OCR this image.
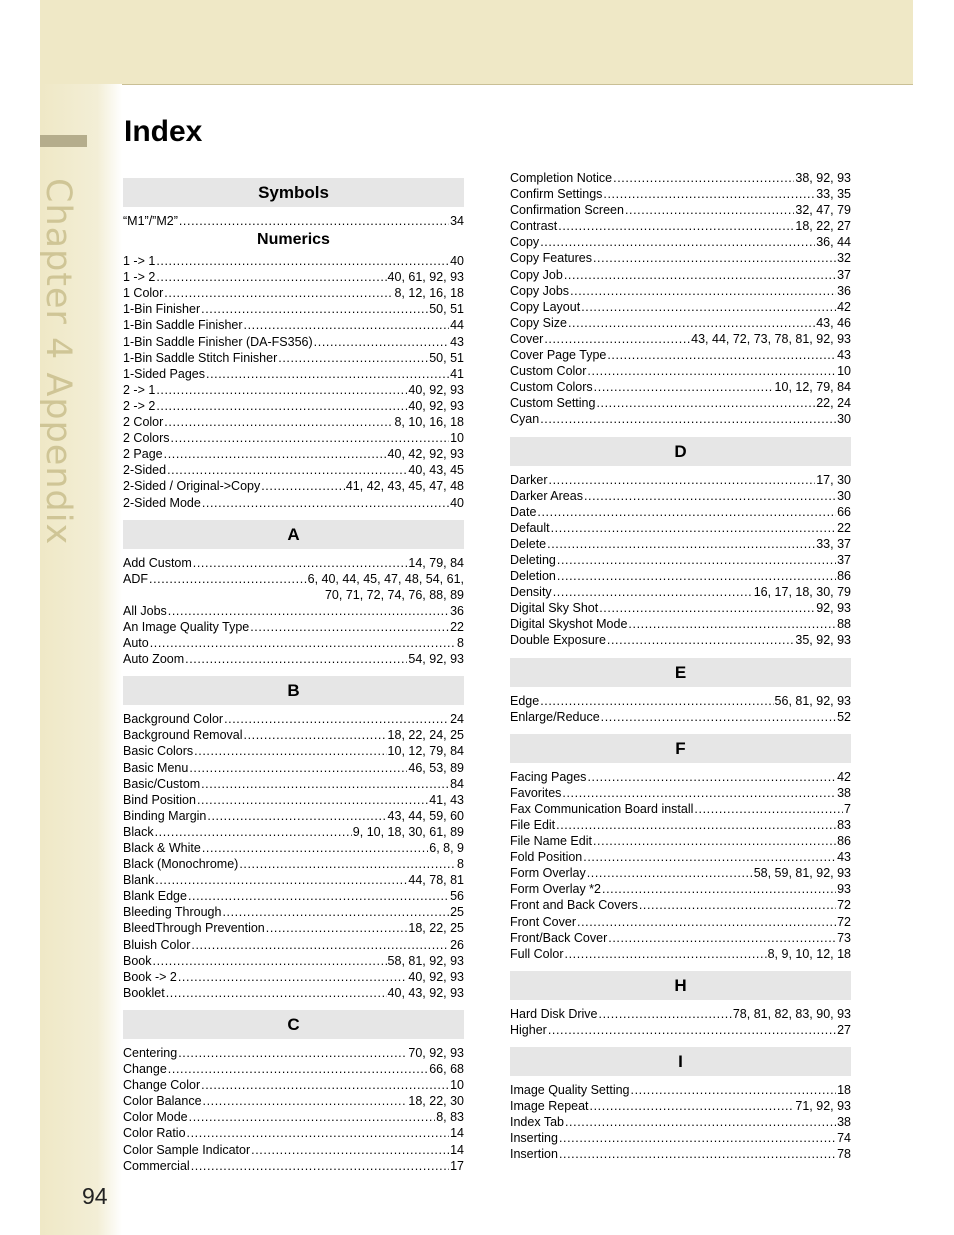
Chapter 4 Appendix
94
Index
Symbols
“M1”/”M2” .....	34
Numerics
1 -> 1 .....	40
1 -> 2 .....	40, 61, 92, 93
1 Color .....	8, 12, 16, 18
1-Bin Finisher .....	50, 51
1-Bin Saddle Finisher .....	44
1-Bin Saddle Finisher (DA-FS356) .....	43
1-Bin Saddle Stitch Finisher .....	50, 51
1-Sided Pages .....	41
2 -> 1 .....	40, 92, 93
2 -> 2 .....	40, 92, 93
2 Color .....	8, 10, 16, 18
2 Colors .....	10
2 Page .....	40, 42, 92, 93
2-Sided .....	40, 43, 45
2-Sided / Original->Copy .....	41, 42, 43, 45, 47, 48
2-Sided Mode .....	40
A
Add Custom .....	14, 79, 84
ADF .....	6, 40, 44, 45, 47, 48, 54, 61,
70, 71, 72, 74, 76, 88, 89
All Jobs .....	36
An Image Quality Type .....	22
Auto .....	8
Auto Zoom .....	54, 92, 93
B
Background Color .....	24
Background Removal .....	18, 22, 24, 25
Basic Colors .....	10, 12, 79, 84
Basic Menu .....	46, 53, 89
Basic/Custom .....	84
Bind Position .....	41, 43
Binding Margin .....	43, 44, 59, 60
Black .....	9, 10, 18, 30, 61, 89
Black & White .....	6, 8, 9
Black (Monochrome) .....	8
Blank .....	44, 78, 81
Blank Edge .....	56
Bleeding Through .....	25
BleedThrough Prevention .....	18, 22, 25
Bluish Color .....	26
Book .....	58, 81, 92, 93
Book -> 2 .....	40, 92, 93
Booklet .....	40, 43, 92, 93
C
Centering .....	70, 92, 93
Change .....	66, 68
Change Color .....	10
Color Balance .....	18, 22, 30
Color Mode .....	8, 83
Color Ratio .....	14
Color Sample Indicator .....	14
Commercial .....	17
Completion Notice .....	38, 92, 93
Confirm Settings .....	33, 35
Confirmation Screen .....	32, 47, 79
Contrast .....	18, 22, 27
Copy .....	36, 44
Copy Features .....	32
Copy Job .....	37
Copy Jobs .....	36
Copy Layout .....	42
Copy Size .....	43, 46
Cover .....	43, 44, 72, 73, 78, 81, 92, 93
Cover Page Type .....	43
Custom Color .....	10
Custom Colors .....	10, 12, 79, 84
Custom Setting .....	22, 24
Cyan .....	30
D
Darker .....	17, 30
Darker Areas .....	30
Date .....	66
Default .....	22
Delete .....	33, 37
Deleting .....	37
Deletion .....	86
Density .....	16, 17, 18, 30, 79
Digital Sky Shot .....	92, 93
Digital Skyshot Mode .....	88
Double Exposure .....	35, 92, 93
E
Edge .....	56, 81, 92, 93
Enlarge/Reduce .....	52
F
Facing Pages .....	42
Favorites .....	38
Fax Communication Board install .....	7
File Edit .....	83
File Name Edit .....	86
Fold Position .....	43
Form Overlay .....	58, 59, 81, 92, 93
Form Overlay *2 .....	93
Front and Back Covers .....	72
Front Cover .....	72
Front/Back Cover .....	73
Full Color .....	8, 9, 10, 12, 18
H
Hard Disk Drive .....	78, 81, 82, 83, 90, 93
Higher .....	27
I
Image Quality Setting .....	18
Image Repeat .....	71, 92, 93
Index Tab .....	38
Inserting .....	74
Insertion .....	78
